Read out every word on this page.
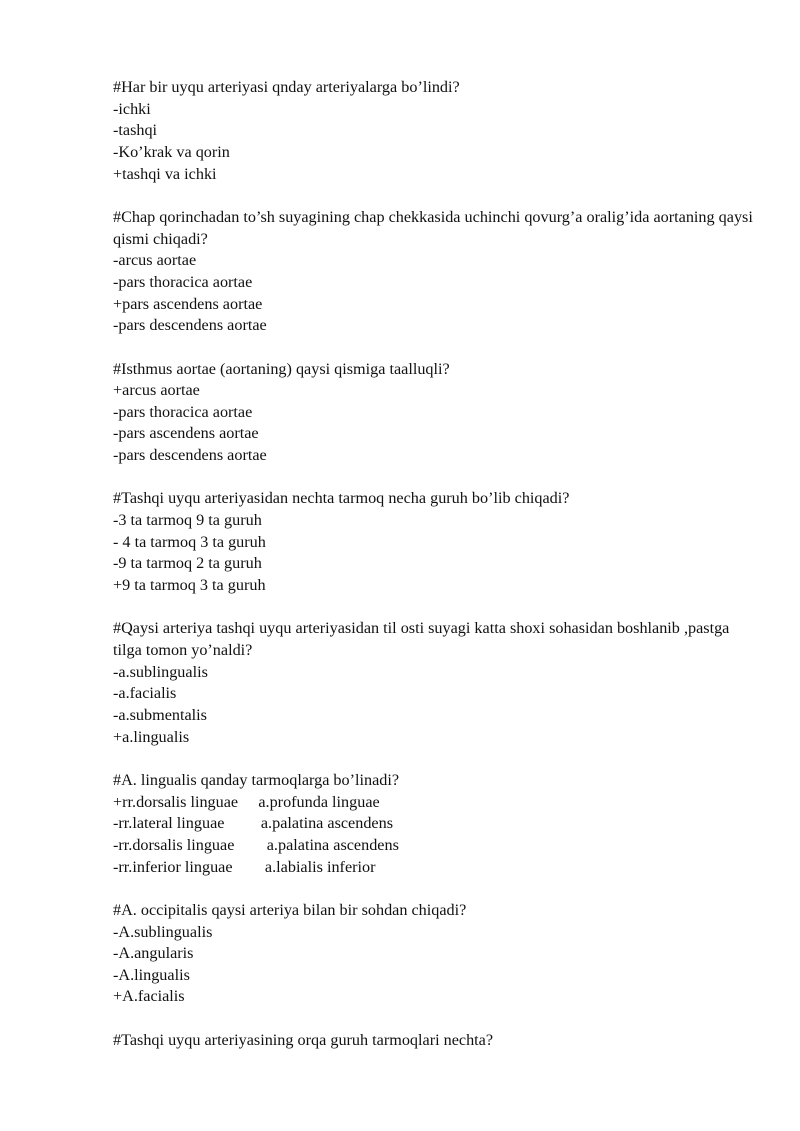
#Har bir uyqu arteriyasi qnday arteriyalarga bo’lindi?
-ichki
-tashqi
-Ko’krak va qorin
+tashqi va ichki
#Chap qorinchadan to’sh suyagining chap chekkasida uchinchi qovurg’a oralig’ida aortaning qaysi qismi chiqadi?
-arcus aortae
-pars thoracica aortae
+pars ascendens aortae
-pars descendens aortae
#Isthmus aortae (aortaning) qaysi qismiga taalluqli?
+arcus aortae
-pars thoracica aortae
-pars ascendens aortae
-pars descendens aortae
#Tashqi uyqu arteriyasidan nechta tarmoq necha guruh bo’lib chiqadi?
-3 ta tarmoq 9 ta guruh
- 4 ta tarmoq 3 ta guruh
-9 ta tarmoq 2 ta guruh
+9 ta tarmoq 3 ta guruh
#Qaysi arteriya tashqi uyqu arteriyasidan til osti suyagi katta shoxi sohasidan boshlanib ,pastga tilga tomon yo’naldi?
-a.sublingualis
-a.facialis
-a.submentalis
+a.lingualis
#A. lingualis qanday tarmoqlarga bo’linadi?
+rr.dorsalis linguae     a.profunda linguae
-rr.lateral linguae         a.palatina ascendens
-rr.dorsalis linguae        a.palatina ascendens
-rr.inferior linguae        a.labialis inferior
#A. occipitalis qaysi arteriya bilan bir sohdan chiqadi?
-A.sublingualis
-A.angularis
-A.lingualis
+A.facialis
#Tashqi uyqu arteriyasining orqa guruh tarmoqlari nechta?
